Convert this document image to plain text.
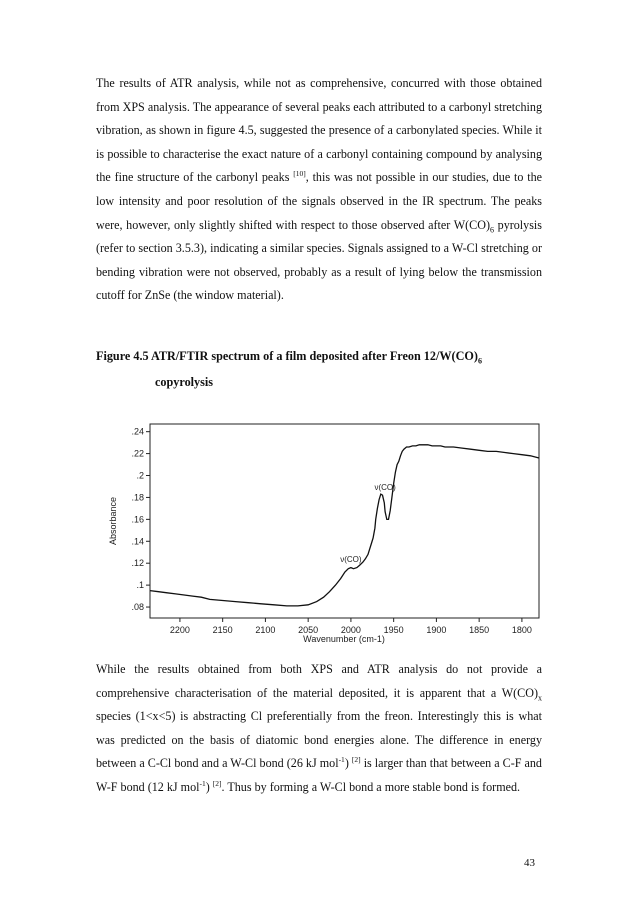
The results of ATR analysis, while not as comprehensive, concurred with those obtained from XPS analysis. The appearance of several peaks each attributed to a carbonyl stretching vibration, as shown in figure 4.5, suggested the presence of a carbonylated species. While it is possible to characterise the exact nature of a carbonyl containing compound by analysing the fine structure of the carbonyl peaks [10], this was not possible in our studies, due to the low intensity and poor resolution of the signals observed in the IR spectrum. The peaks were, however, only slightly shifted with respect to those observed after $W(CO)_6$ pyrolysis (refer to section 3.5.3), indicating a similar species. Signals assigned to a W-Cl stretching or bending vibration were not observed, probably as a result of lying below the transmission cutoff for ZnSe (the window material).

Figure 4.5 ATR/FTIR spectrum of a film deposited after Freon $12/W(CO)_6$

copyrolysis

.08
.1
.12
.14
.16
.18
.2
.22
.24
2200	2150	2100	2050	2000	1950	1900	1850	1800
ν(CO)
ν(CO)
Wavenumber (cm-1)
Absorbance

While the results obtained from both XPS and ATR analysis do not provide a comprehensive characterisation of the material deposited, it is apparent that a $W(CO)_x$ species (1<x<5) is abstracting Cl preferentially from the freon. Interestingly this is what was predicted on the basis of diatomic bond energies alone. The difference in energy between a C-Cl bond and a W-Cl bond (26 kJ mol$^{-1}$) [2] is larger than that between a C-F and W-F bond (12 kJ mol$^{-1}$) [2]. Thus by forming a W-Cl bond a more stable bond is formed.

43
